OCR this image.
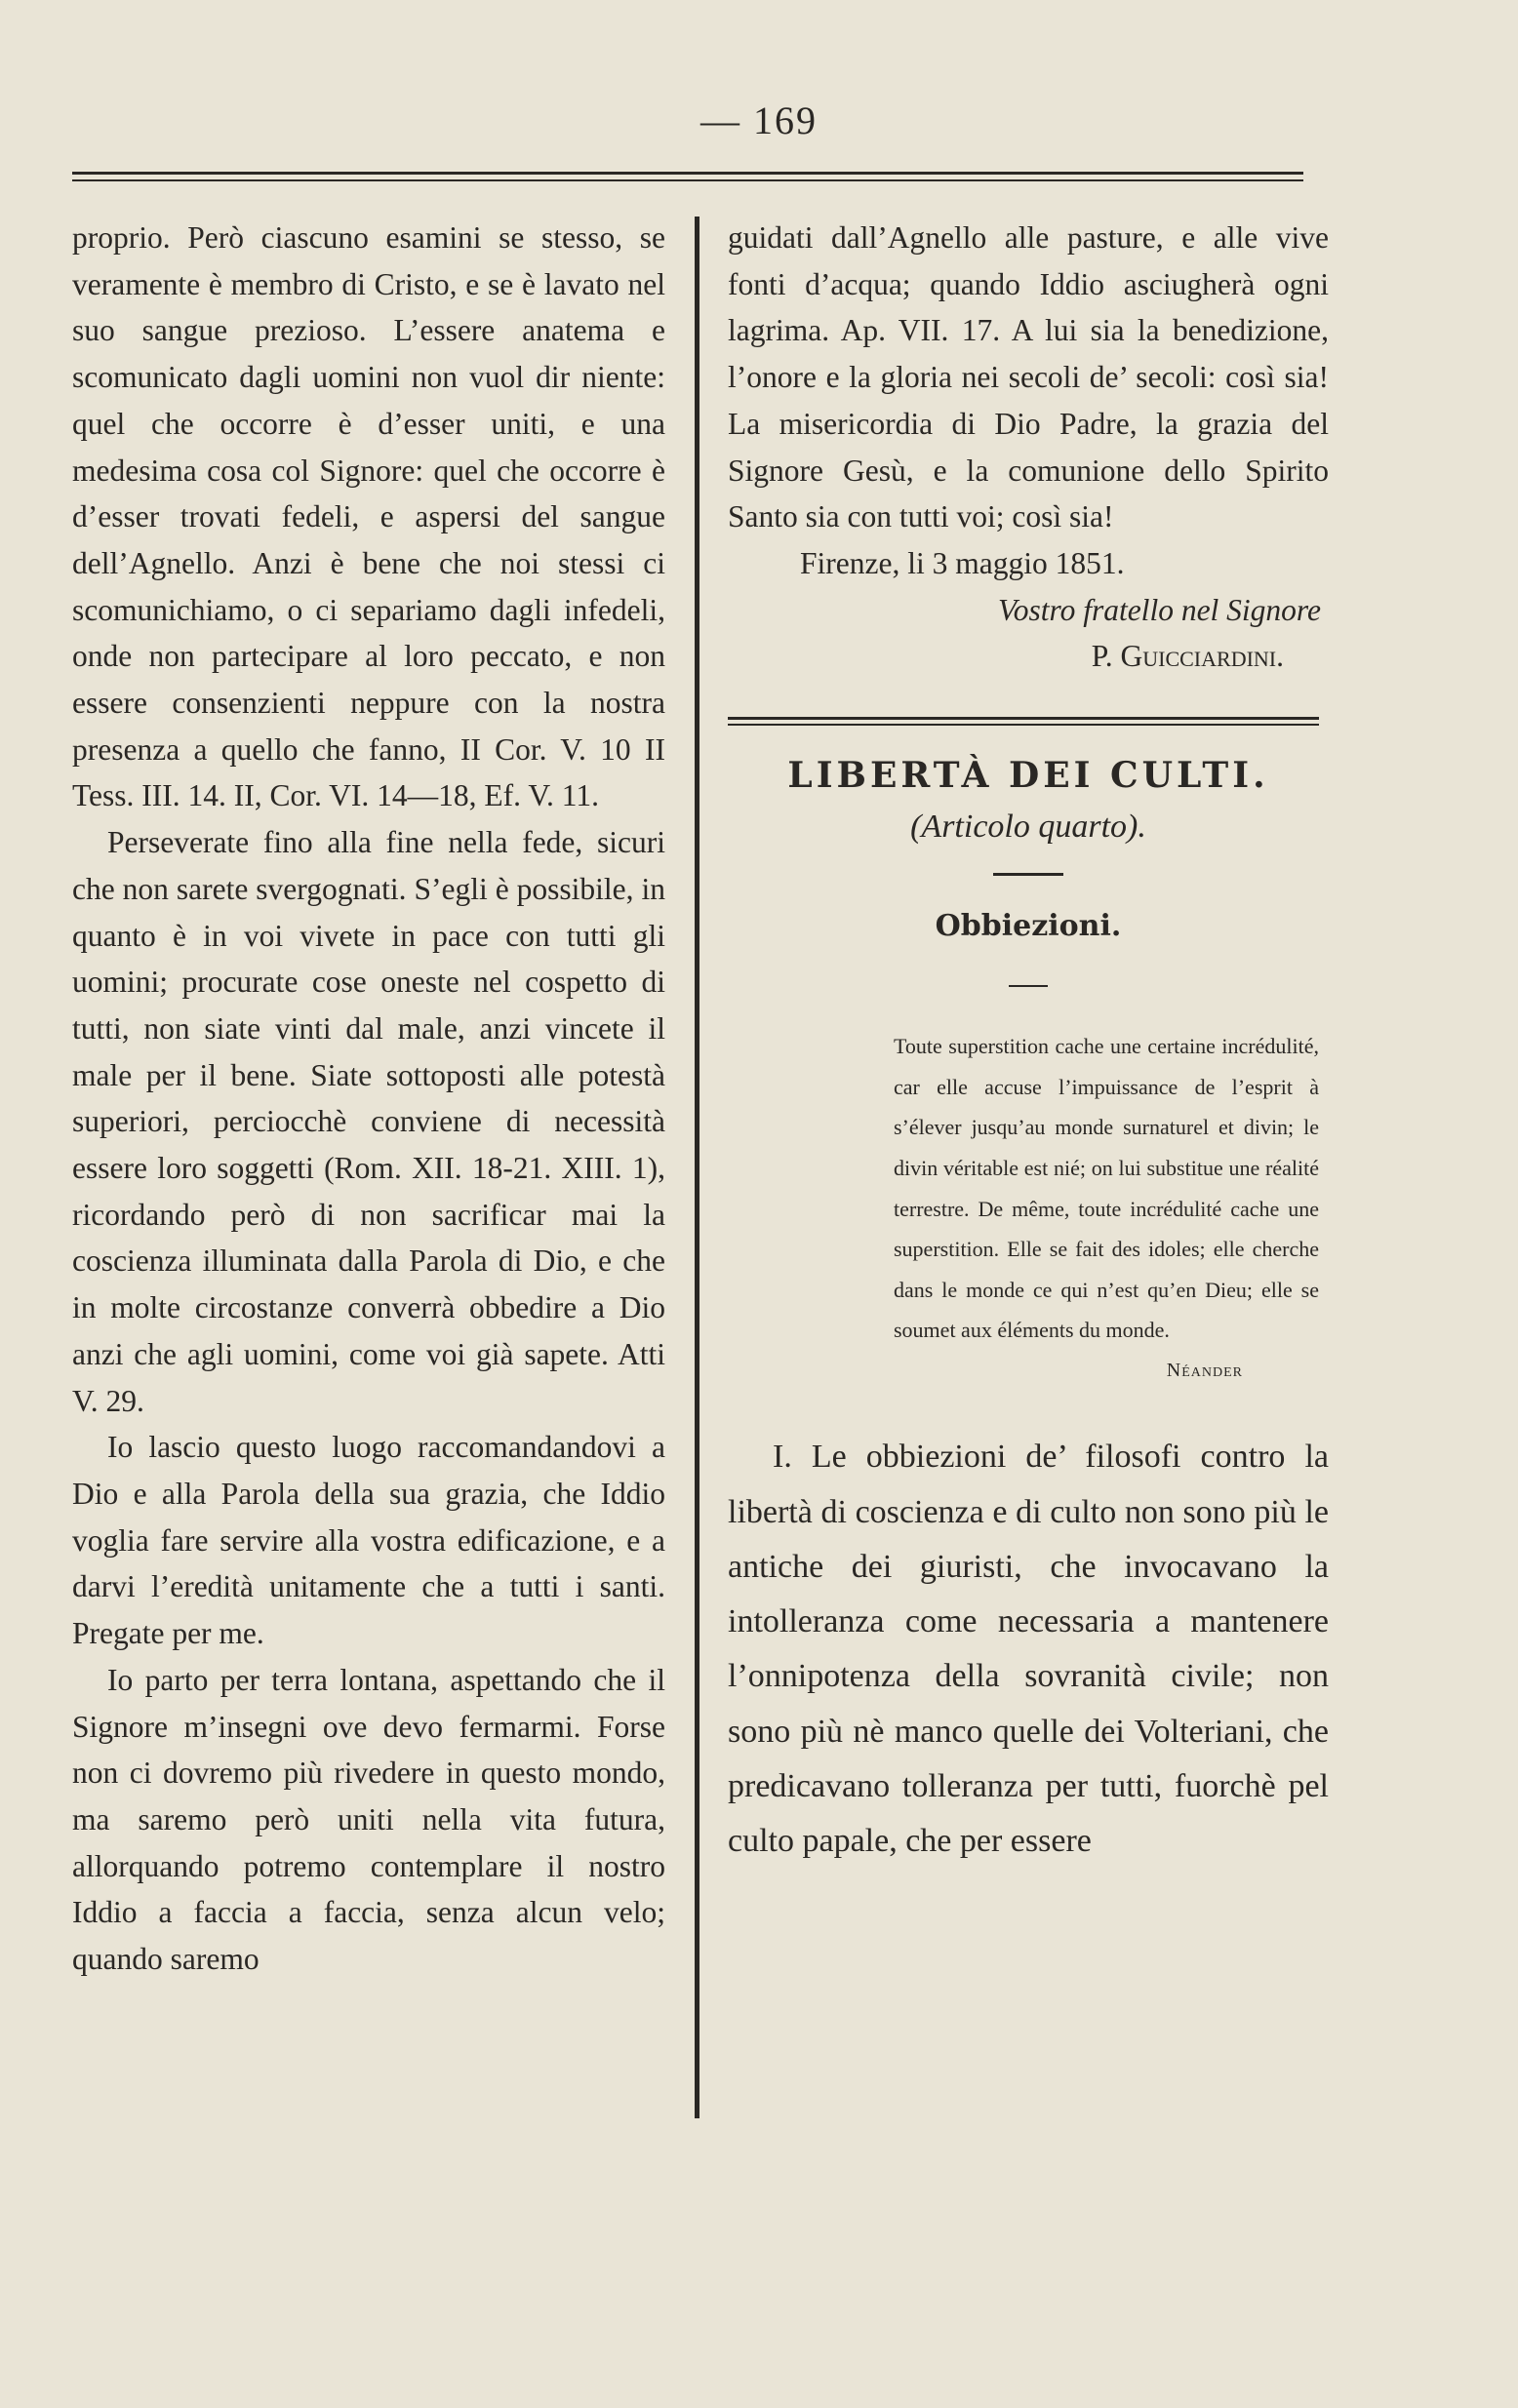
— 169

proprio. Però ciascuno esamini se stesso, se veramente è membro di Cristo, e se è lavato nel suo sangue prezioso. L’essere anatema e scomunicato dagli uomini non vuol dir niente: quel che occorre è d’esser uniti, e una medesima cosa col Signore: quel che occorre è d’esser trovati fedeli, e aspersi del sangue dell’Agnello. Anzi è bene che noi stessi ci scomunichiamo, o ci separiamo dagli infedeli, onde non partecipare al loro peccato, e non essere consenzienti neppure con la nostra presenza a quello che fanno, II Cor. V. 10 II Tess. III. 14. II, Cor. VI. 14—18, Ef. V. 11.

Perseverate fino alla fine nella fede, sicuri che non sarete svergognati. S’egli è possibile, in quanto è in voi vivete in pace con tutti gli uomini; procurate cose oneste nel cospetto di tutti, non siate vinti dal male, anzi vincete il male per il bene. Siate sottoposti alle potestà superiori, perciocchè conviene di necessità essere loro soggetti (Rom. XII. 18-21. XIII. 1), ricordando però di non sacrificar mai la coscienza illuminata dalla Parola di Dio, e che in molte circostanze converrà obbedire a Dio anzi che agli uomini, come voi già sapete. Atti V. 29.

Io lascio questo luogo raccomandandovi a Dio e alla Parola della sua grazia, che Iddio voglia fare servire alla vostra edificazione, e a darvi l’eredità unitamente che a tutti i santi. Pregate per me.

Io parto per terra lontana, aspettando che il Signore m’insegni ove devo fermarmi. Forse non ci dovremo più rivedere in questo mondo, ma saremo però uniti nella vita futura, allorquando potremo contemplare il nostro Iddio a faccia a faccia, senza alcun velo; quando saremo

guidati dall’Agnello alle pasture, e alle vive fonti d’acqua; quando Iddio asciugherà ogni lagrima. Ap. VII. 17. A lui sia la benedizione, l’onore e la gloria nei secoli de’ secoli: così sia! La misericordia di Dio Padre, la grazia del Signore Gesù, e la comunione dello Spirito Santo sia con tutti voi; così sia!

Firenze, li 3 maggio 1851.
Vostro fratello nel Signore
P. Guicciardini.
LIBERTÀ DEI CULTI.
(Articolo quarto).
Obbiezioni.

Toute superstition cache une certaine incrédulité, car elle accuse l’impuissance de l’esprit à s’élever jusqu’au monde surnaturel et divin; le divin véritable est nié; on lui substitue une réalité terrestre. De même, toute incrédulité cache une superstition. Elle se fait des idoles; elle cherche dans le monde ce qui n’est qu’en Dieu; elle se soumet aux éléments du monde.

Néander

I. Le obbiezioni de’ filosofi contro la libertà di coscienza e di culto non sono più le antiche dei giuristi, che invocavano la intolleranza come necessaria a mantenere l’onnipotenza della sovranità civile; non sono più nè manco quelle dei Volteriani, che predicavano tolleranza per tutti, fuorchè pel culto papale, che per essere
